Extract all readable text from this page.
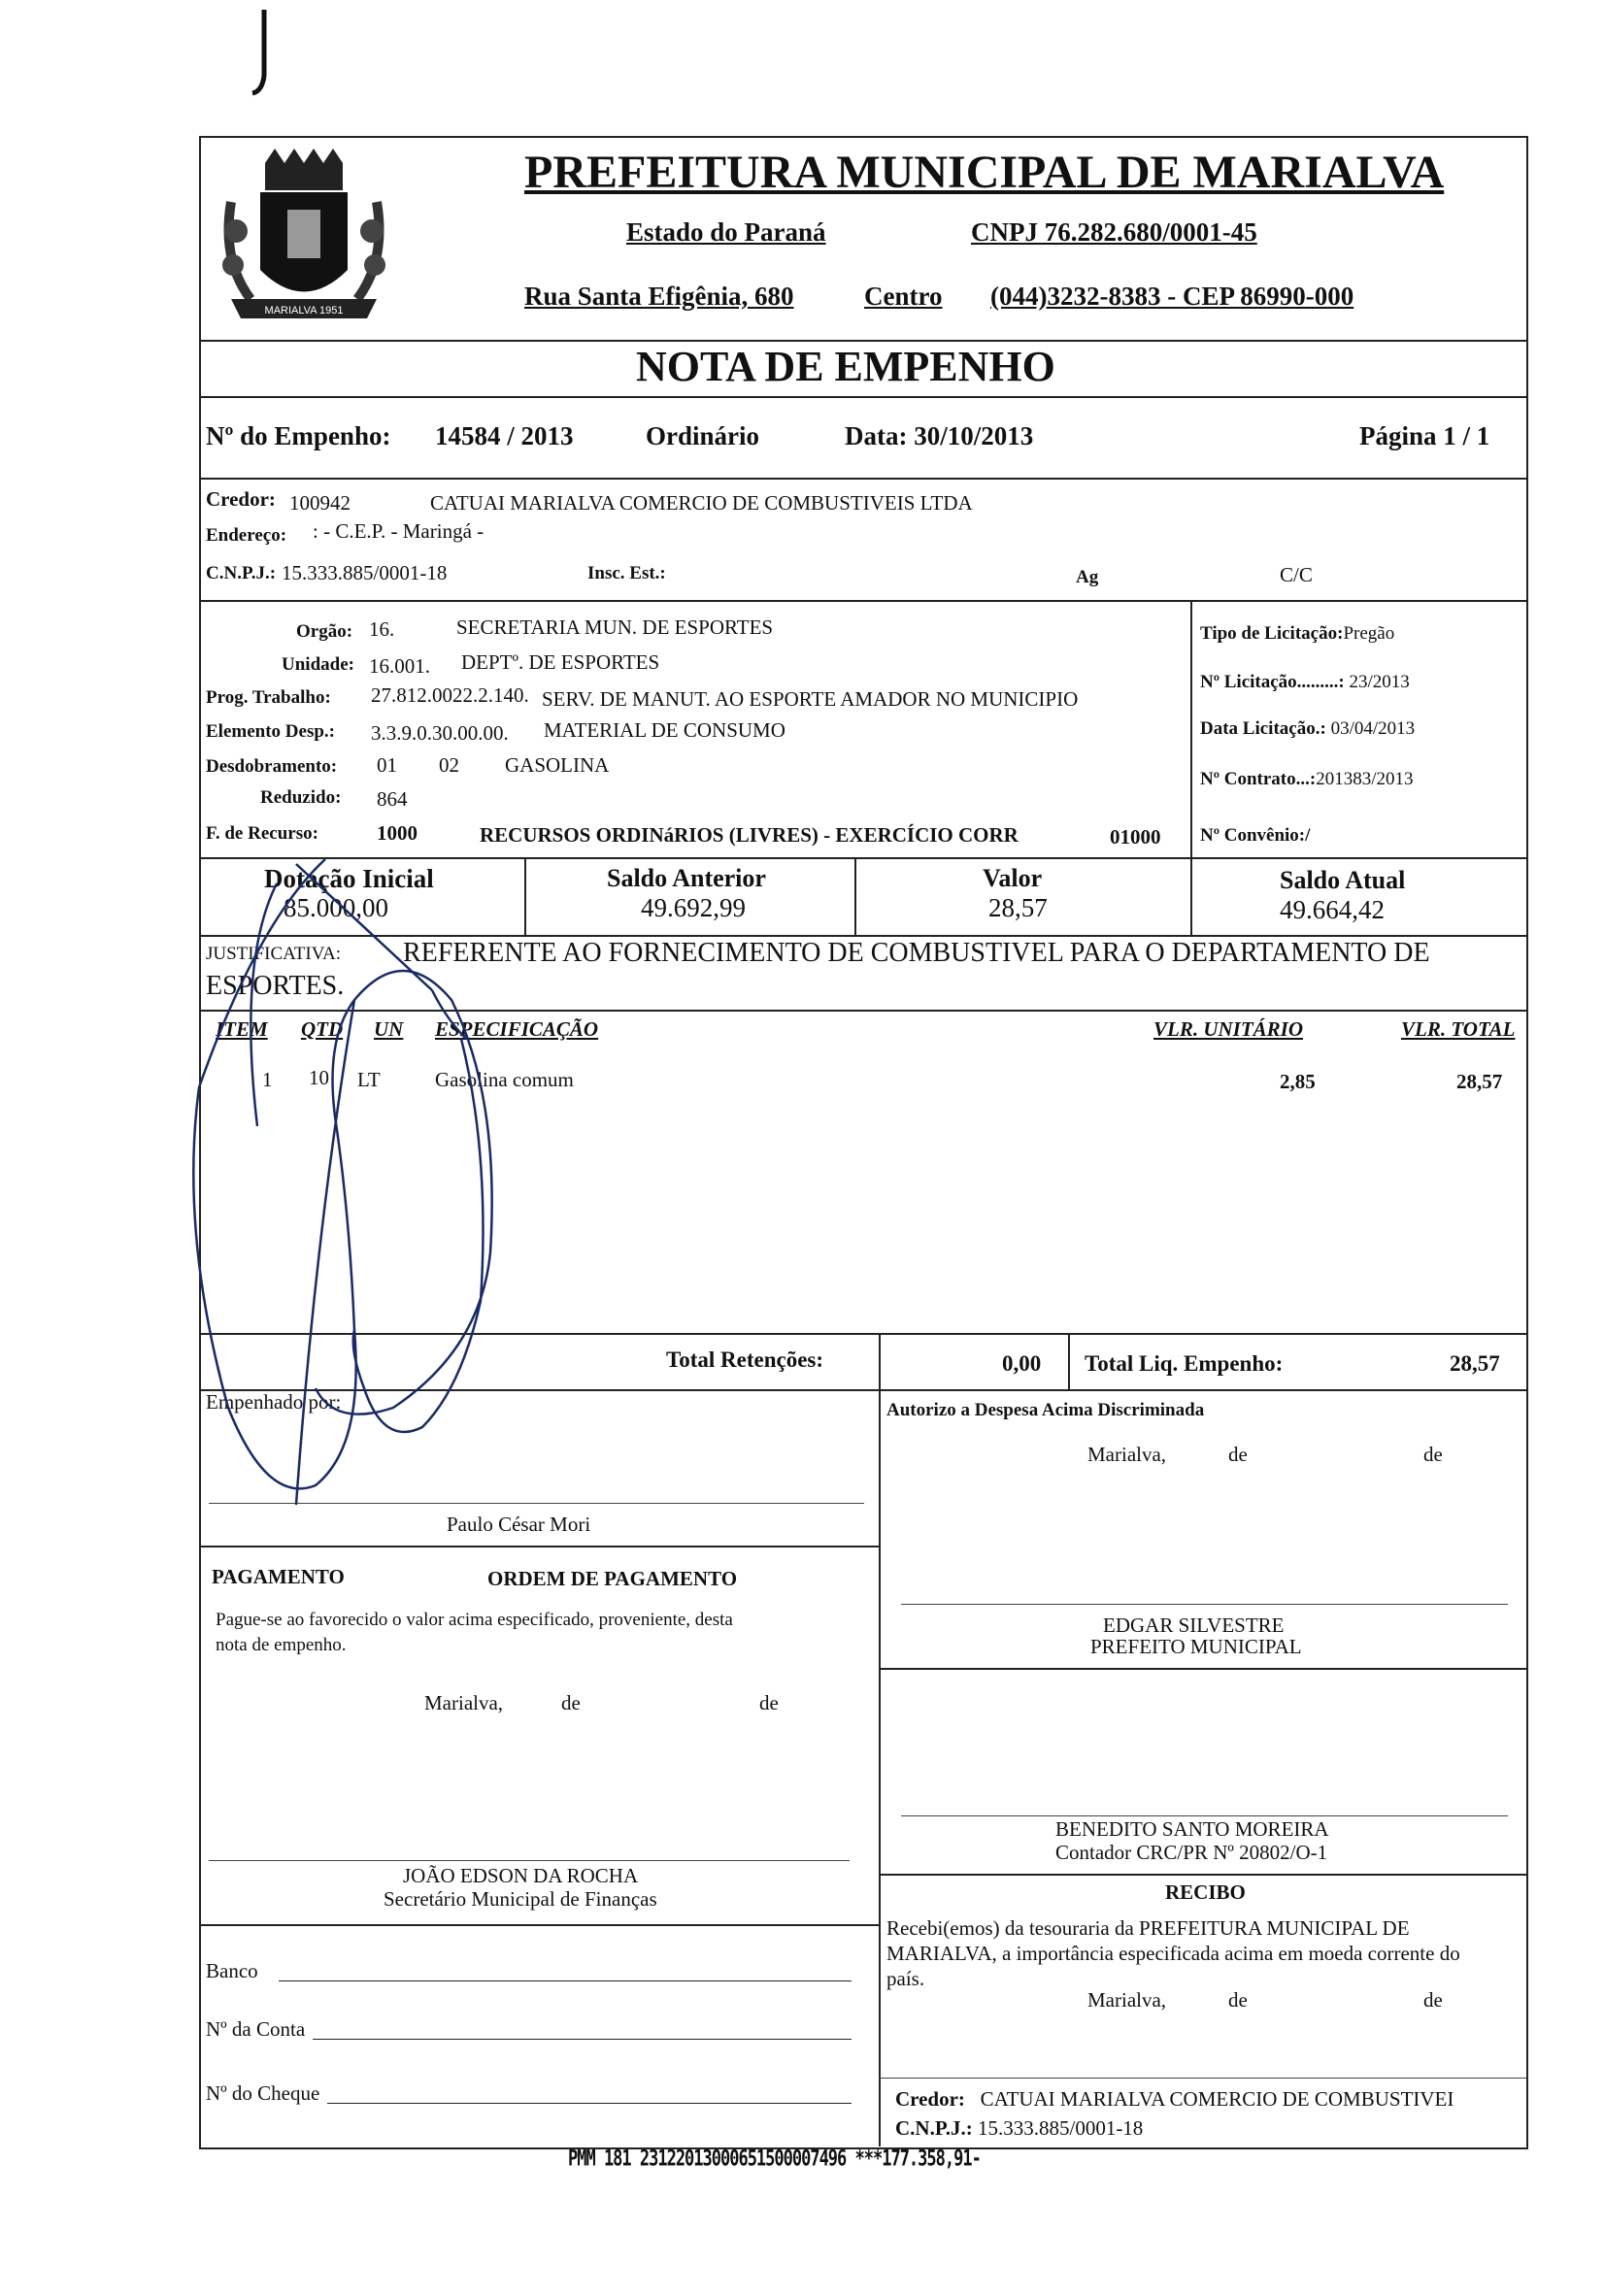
MARIALVA 1951
PREFEITURA MUNICIPAL DE MARIALVA
Estado do Paraná	CNPJ 76.282.680/0001-45
Rua Santa Efigênia, 680	Centro (044)3232-8383 - CEP 86990-000
NOTA DE EMPENHO
Nº do Empenho: 14584 / 2013	Ordinário	Data: 30/10/2013	Página 1 / 1
Credor: 100942	CATUAI MARIALVA COMERCIO DE COMBUSTIVEIS LTDA
Endereço: : - C.E.P. - Maringá -
C.N.P.J.: 15.333.885/0001-18	Insc. Est.:	Ag	C/C
Orgão: 16.	SECRETARIA MUN. DE ESPORTES
Unidade: 16.001. DEPTº. DE ESPORTES
Prog. Trabalho: 27.812.0022.2.140. SERV. DE MANUT. AO ESPORTE AMADOR NO MUNICIPIO
Elemento Desp.: 3.3.9.0.30.00.00. MATERIAL DE CONSUMO
Desdobramento: 01 02 GASOLINA
Reduzido: 864
F. de Recurso:	1000	RECURSOS ORDINáRIOS (LIVRES) - EXERCÍCIO CORR	01000
Tipo de Licitação:Pregão
Nº Licitação.........: 23/2013
Data Licitação.: 03/04/2013
Nº Contrato...:201383/2013
Nº Convênio:/
Dotação Inicial
85.000,00
Saldo Anterior
49.692,99
Valor
28,57
Saldo Atual
49.664,42
JUSTIFICATIVA: REFERENTE AO FORNECIMENTO DE COMBUSTIVEL PARA O DEPARTAMENTO DE
ESPORTES.
ITEM QTD UN ESPECIFICAÇÃO	VLR. UNITÁRIO	VLR. TOTAL
1 10 LT	Gasolina comum	2,85	28,57
Total Retenções:	0,00 Total Liq. Empenho:	28,57
Empenhado por:
Paulo César Mori
Autorizo a Despesa Acima Discriminada
Marialva,	de	de
PAGAMENTO	ORDEM DE PAGAMENTO
Pague-se ao favorecido o valor acima especificado, proveniente, desta
nota de empenho.
Marialva,	de	de
EDGAR SILVESTRE
PREFEITO MUNICIPAL
BENEDITO SANTO MOREIRA
Contador CRC/PR Nº 20802/O-1
JOÃO EDSON DA ROCHA
Secretário Municipal de Finanças	RECIBO
Recebi(emos) da tesouraria da PREFEITURA MUNICIPAL DE
MARIALVA, a importância especificada acima em moeda corrente do
país.
Marialva,	de	de
Banco
Nº da Conta
Nº do Cheque	Credor: CATUAI MARIALVA COMERCIO DE COMBUSTIVEI
C.N.P.J.: 15.333.885/0001-18
PMM 181 23122013000651500007496 ***177.358,91-
